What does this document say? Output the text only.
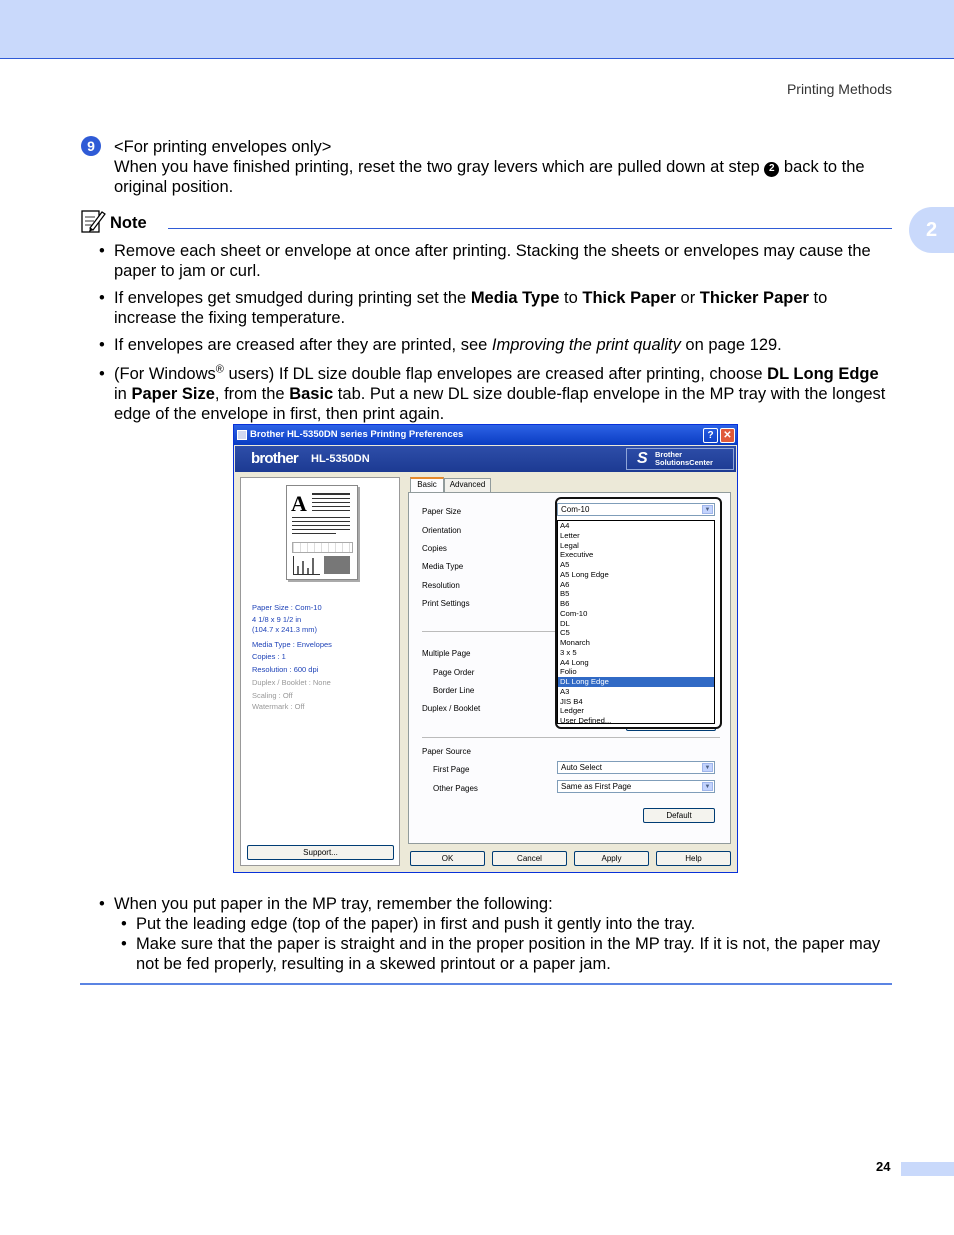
Printing Methods
2
9	<For printing envelopes only>
When you have finished printing, reset the two gray levers which are pulled down at step 2 back to the original position.
Note
• Remove each sheet or envelope at once after printing. Stacking the sheets or envelopes may cause the paper to jam or curl.
• If envelopes get smudged during printing set the Media Type to Thick Paper or Thicker Paper to increase the fixing temperature.
• If envelopes are creased after they are printed, see Improving the print quality on page 129.
• (For Windows® users) If DL size double flap envelopes are creased after printing, choose DL Long Edge in Paper Size, from the Basic tab. Put a new DL size double-flap envelope in the MP tray with the longest edge of the envelope in first, then print again.
Brother HL-5350DN series Printing Preferences	? ✕
brother HL-5350DN	S Brother
SolutionsCenter
A
Paper Size : Com-10
4 1/8 x 9 1/2 in
(104.7 x 241.3 mm)
Media Type : Envelopes
Copies : 1
Resolution : 600 dpi
Duplex / Booklet : None
Scaling : Off
Watermark : Off
Support...
Basic	Advanced
Paper Size
Orientation
Copies
Media Type
Resolution
Print Settings
Multiple Page
Page Order
Border Line
Duplex / Booklet
Paper Source
First Page
Other Pages
Auto Select	▼
Same as First Page	▼
Default
Com-10	▼
A4
Letter
Legal
Executive
A5
A5 Long Edge
A6
B5
B6
Com-10
DL
C5
Monarch
3 x 5
A4 Long
Folio
DL Long Edge
A3
JIS B4
Ledger
User Defined...
OK	Cancel	Apply	Help
• When you put paper in the MP tray, remember the following:
• Put the leading edge (top of the paper) in first and push it gently into the tray.
• Make sure that the paper is straight and in the proper position in the MP tray. If it is not, the paper may not be fed properly, resulting in a skewed printout or a paper jam.
24
